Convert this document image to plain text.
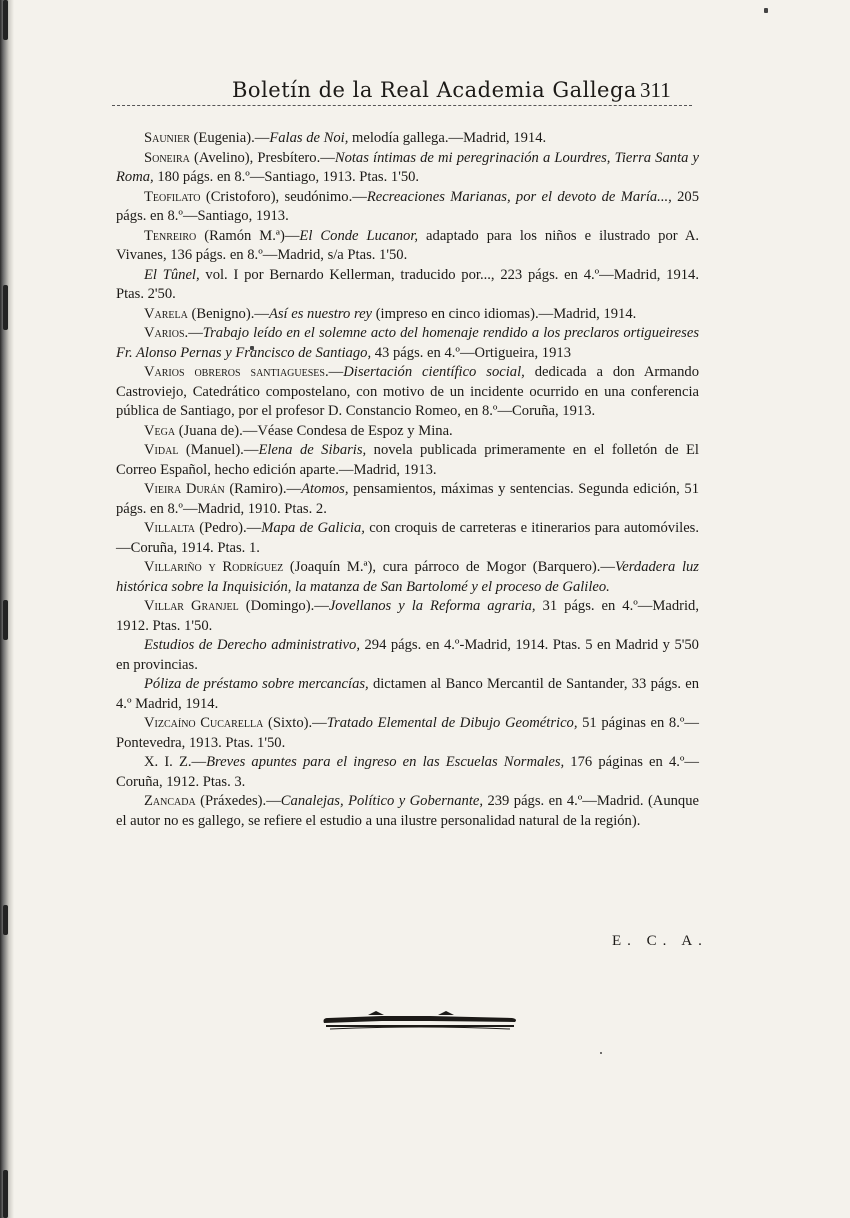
Boletín de la Real Academia Gallega 311

Saunier (Eugenia).—Falas de Noi, melodía gallega.—Madrid, 1914.

Soneira (Avelino), Presbítero.—Notas íntimas de mi peregrinación a Lourdres, Tierra Santa y Roma, 180 págs. en 8.º—Santiago, 1913. Ptas. 1'50.

Teofilato (Cristoforo), seudónimo.—Recreaciones Marianas, por el devoto de María..., 205 págs. en 8.º—Santiago, 1913.

Tenreiro (Ramón M.ª)—El Conde Lucanor, adaptado para los niños e ilustrado por A. Vivanes, 136 págs. en 8.º—Madrid, s/a Ptas. 1'50.

El Tûnel, vol. I por Bernardo Kellerman, traducido por..., 223 págs. en 4.º—Madrid, 1914. Ptas. 2'50.

Varela (Benigno).—Así es nuestro rey (impreso en cinco idiomas).—Madrid, 1914.

Varios.—Trabajo leído en el solemne acto del homenaje rendido a los preclaros ortigueireses Fr. Alonso Pernas y Francisco de Santiago, 43 págs. en 4.º—Ortigueira, 1913

Varios obreros santiagueses.—Disertación científico social, dedicada a don Armando Castroviejo, Catedrático compostelano, con motivo de un incidente ocurrido en una conferencia pública de Santiago, por el profesor D. Constancio Romeo, en 8.º—Coruña, 1913.

Vega (Juana de).—Véase Condesa de Espoz y Mina.

Vidal (Manuel).—Elena de Sibaris, novela publicada primeramente en el folletón de El Correo Español, hecho edición aparte.—Madrid, 1913.

Vieira Durán (Ramiro).—Atomos, pensamientos, máximas y sentencias. Segunda edición, 51 págs. en 8.º—Madrid, 1910. Ptas. 2.

Villalta (Pedro).—Mapa de Galicia, con croquis de carreteras e itinerarios para automóviles.—Coruña, 1914. Ptas. 1.

Villariño y Rodríguez (Joaquín M.ª), cura párroco de Mogor (Barquero).—Verdadera luz histórica sobre la Inquisición, la matanza de San Bartolomé y el proceso de Galileo.

Villar Granjel (Domingo).—Jovellanos y la Reforma agraria, 31 págs. en 4.º—Madrid, 1912. Ptas. 1'50.

Estudios de Derecho administrativo, 294 págs. en 4.º-Madrid, 1914. Ptas. 5 en Madrid y 5'50 en provincias.

Póliza de préstamo sobre mercancías, dictamen al Banco Mercantil de Santander, 33 págs. en 4.º Madrid, 1914.

Vizcaíno Cucarella (Sixto).—Tratado Elemental de Dibujo Geométrico, 51 páginas en 8.º—Pontevedra, 1913. Ptas. 1'50.

X. I. Z.—Breves apuntes para el ingreso en las Escuelas Normales, 176 páginas en 4.º—Coruña, 1912. Ptas. 3.

Zancada (Práxedes).—Canalejas, Político y Gobernante, 239 págs. en 4.º—Madrid. (Aunque el autor no es gallego, se refiere el estudio a una ilustre personalidad natural de la región).

E. C. A.
